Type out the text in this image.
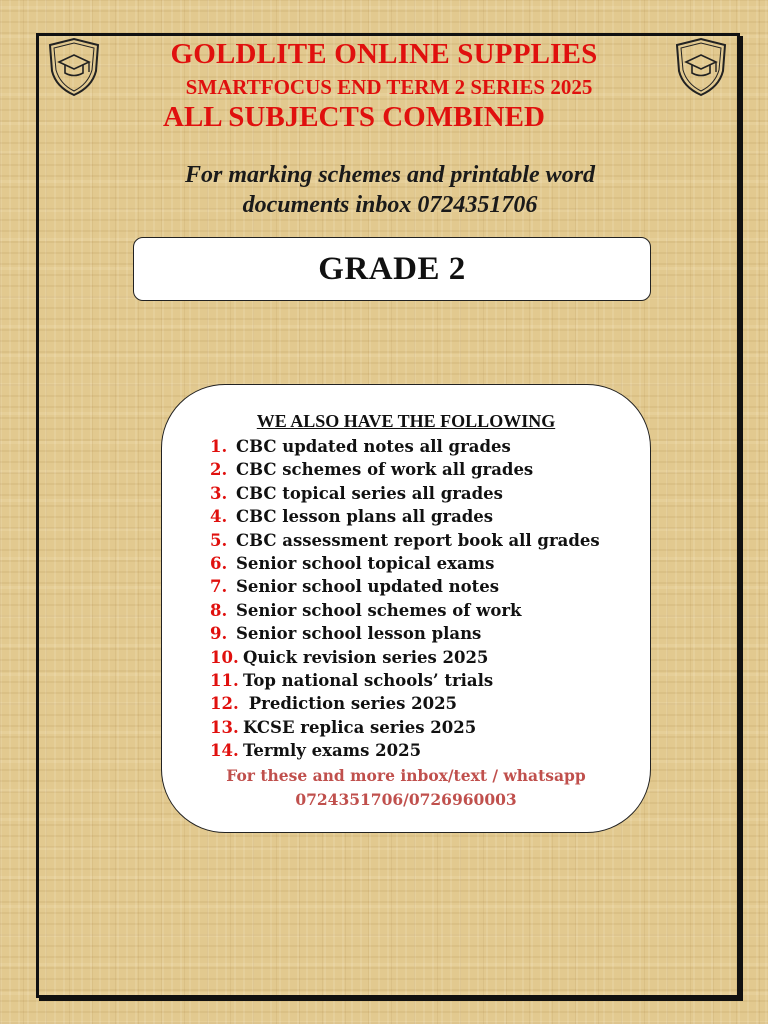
GOLDLITE ONLINE SUPPLIES
SMARTFOCUS END TERM 2 SERIES 2025
ALL SUBJECTS COMBINED
For marking schemes and printable word documents inbox 0724351706
GRADE 2
WE ALSO HAVE THE FOLLOWING
1. CBC updated notes all grades
2. CBC schemes of work all grades
3. CBC topical series all grades
4. CBC lesson plans all grades
5. CBC assessment report book all grades
6. Senior school topical exams
7. Senior school updated notes
8. Senior school schemes of work
9. Senior school lesson plans
10. Quick revision series 2025
11. Top national schools’ trials
12. Prediction series 2025
13. KCSE replica series 2025
14. Termly exams 2025
For these and more inbox/text / whatsapp
0724351706/0726960003
